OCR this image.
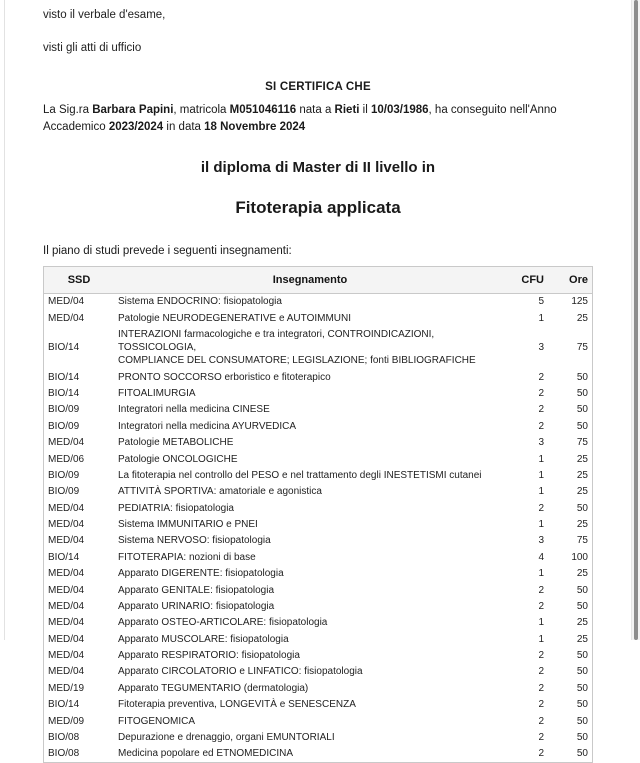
visto il verbale d'esame,
visti gli atti di ufficio
SI CERTIFICA CHE
La Sig.ra Barbara Papini, matricola M051046116 nata a Rieti il 10/03/1986, ha conseguito nell'Anno Accademico 2023/2024 in data 18 Novembre 2024
il diploma di Master di II livello in
Fitoterapia applicata
Il piano di studi prevede i seguenti insegnamenti:
SSD	Insegnamento	CFU	Ore
MED/04	Sistema ENDOCRINO: fisiopatologia	5	125
MED/04	Patologie NEURODEGENERATIVE e AUTOIMMUNI	1	25
BIO/14	INTERAZIONI farmacologiche e tra integratori, CONTROINDICAZIONI, TOSSICOLOGIA,
COMPLIANCE DEL CONSUMATORE; LEGISLAZIONE; fonti BIBLIOGRAFICHE	3	75
BIO/14	PRONTO SOCCORSO erboristico e fitoterapico	2	50
BIO/14	FITOALIMURGIA	2	50
BIO/09	Integratori nella medicina CINESE	2	50
BIO/09	Integratori nella medicina AYURVEDICA	2	50
MED/04	Patologie METABOLICHE	3	75
MED/06	Patologie ONCOLOGICHE	1	25
BIO/09	La fitoterapia nel controllo del PESO e nel trattamento degli INESTETISMI cutanei	1	25
BIO/09	ATTIVITÀ SPORTIVA: amatoriale e agonistica	1	25
MED/04	PEDIATRIA: fisiopatologia	2	50
MED/04	Sistema IMMUNITARIO e PNEI	1	25
MED/04	Sistema NERVOSO: fisiopatologia	3	75
BIO/14	FITOTERAPIA: nozioni di base	4	100
MED/04	Apparato DIGERENTE: fisiopatologia	1	25
MED/04	Apparato GENITALE: fisiopatologia	2	50
MED/04	Apparato URINARIO: fisiopatologia	2	50
MED/04	Apparato OSTEO-ARTICOLARE: fisiopatologia	1	25
MED/04	Apparato MUSCOLARE: fisiopatologia	1	25
MED/04	Apparato RESPIRATORIO: fisiopatologia	2	50
MED/04	Apparato CIRCOLATORIO e LINFATICO: fisiopatologia	2	50
MED/19	Apparato TEGUMENTARIO (dermatologia)	2	50
BIO/14	Fitoterapia preventiva, LONGEVITÀ e SENESCENZA	2	50
MED/09	FITOGENOMICA	2	50
BIO/08	Depurazione e drenaggio, organi EMUNTORIALI	2	50
BIO/08	Medicina popolare ed ETNOMEDICINA	2	50
